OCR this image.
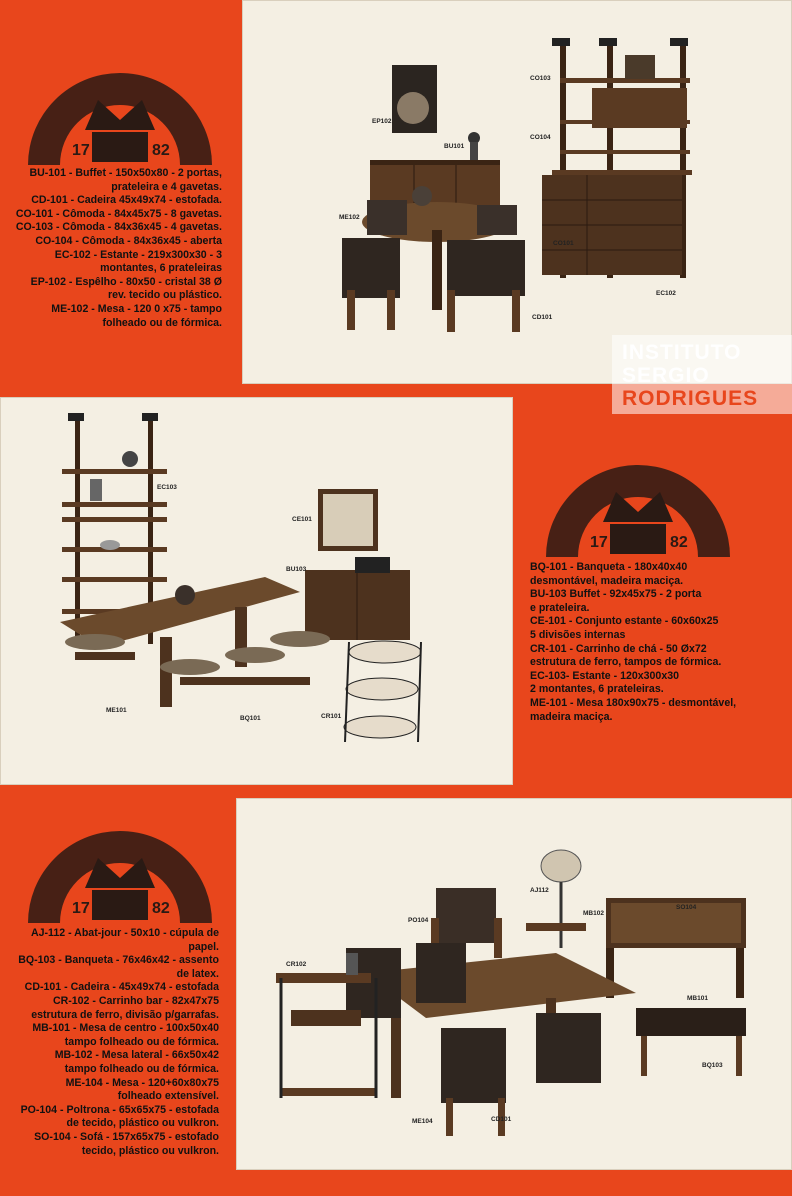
EP102
BU101
CO103
CO104
ME102
CO101
EC102
CD101
17	82
BU-101 - Buffet - 150x50x80 - 2 portas,
prateleira e 4 gavetas.
CD-101 - Cadeira 45x49x74 - estofada.
CO-101 - Cômoda - 84x45x75 - 8 gavetas.
CO-103 - Cômoda - 84x36x45 - 4 gavetas.
CO-104 - Cômoda - 84x36x45 - aberta
EC-102 - Estante - 219x300x30 - 3
montantes, 6 prateleiras
EP-102 - Espêlho - 80x50 - cristal 38 Ø
rev. tecido ou plástico.
ME-102 - Mesa - 120 0 x75 - tampo
folheado ou de fórmica.
INSTITUTO
SERGIO
RODRIGUES
EC103
CE101
BU103
ME101
BQ101	CR101
17	82
BQ-101 - Banqueta - 180x40x40
desmontável, madeira maciça.
BU-103 Buffet - 92x45x75 - 2 porta
e prateleira.
CE-101 - Conjunto estante - 60x60x25
5 divisões internas
CR-101 - Carrinho de chá - 50 Øx72
estrutura de ferro, tampos de fórmica.
EC-103- Estante - 120x300x30
2 montantes, 6 prateleiras.
ME-101 - Mesa 180x90x75 - desmontável,
madeira maciça.
AJ112
PO104
SO104
MB102
CR102
MB101
BQ103
ME104	CD101
17	82
AJ-112 - Abat-jour - 50x10 - cúpula de
papel.
BQ-103 - Banqueta - 76x46x42 - assento
de latex.
CD-101 - Cadeira - 45x49x74 - estofada
CR-102 - Carrinho bar - 82x47x75
estrutura de ferro, divisão p/garrafas.
MB-101 - Mesa de centro - 100x50x40
tampo folheado ou de fórmica.
MB-102 - Mesa lateral - 66x50x42
tampo folheado ou de fórmica.
ME-104 - Mesa - 120+60x80x75
folheado extensível.
PO-104 - Poltrona - 65x65x75 - estofada
de tecido, plástico ou vulkron.
SO-104 - Sofá - 157x65x75 - estofado
tecido, plástico ou vulkron.
